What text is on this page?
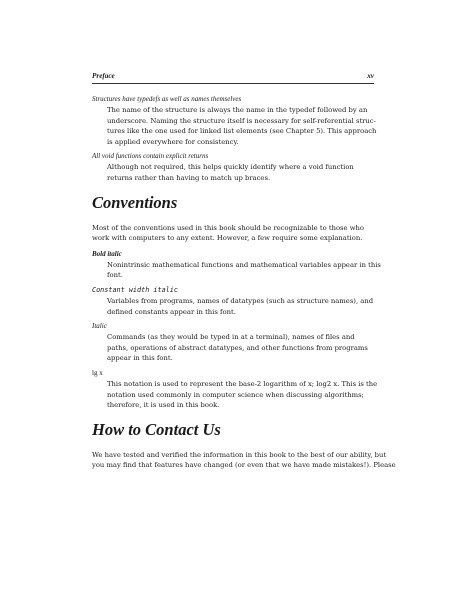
Preface	xv

Structures have typedefs as well as names themselves

The name of the structure is always the name in the typedef followed by an
underscore. Naming the structure itself is necessary for self-referential struc-
tures like the one used for linked list elements (see Chapter 5). This approach
is applied everywhere for consistency.

All void functions contain explicit returns

Although not required, this helps quickly identify where a void function
returns rather than having to match up braces.
Conventions
Most of the conventions used in this book should be recognizable to those who
work with computers to any extent. However, a few require some explanation.

Bold italic

Nonintrinsic mathematical functions and mathematical variables appear in this
font.

Constant width italic

Variables from programs, names of datatypes (such as structure names), and
defined constants appear in this font.

Italic

Commands (as they would be typed in at a terminal), names of files and
paths, operations of abstract datatypes, and other functions from programs
appear in this font.

lg x

This notation is used to represent the base-2 logarithm of x; log2 x. This is the
notation used commonly in computer science when discussing algorithms;
therefore, it is used in this book.
How to Contact Us
We have tested and verified the information in this book to the best of our ability, but
you may find that features have changed (or even that we have made mistakes!). Please
